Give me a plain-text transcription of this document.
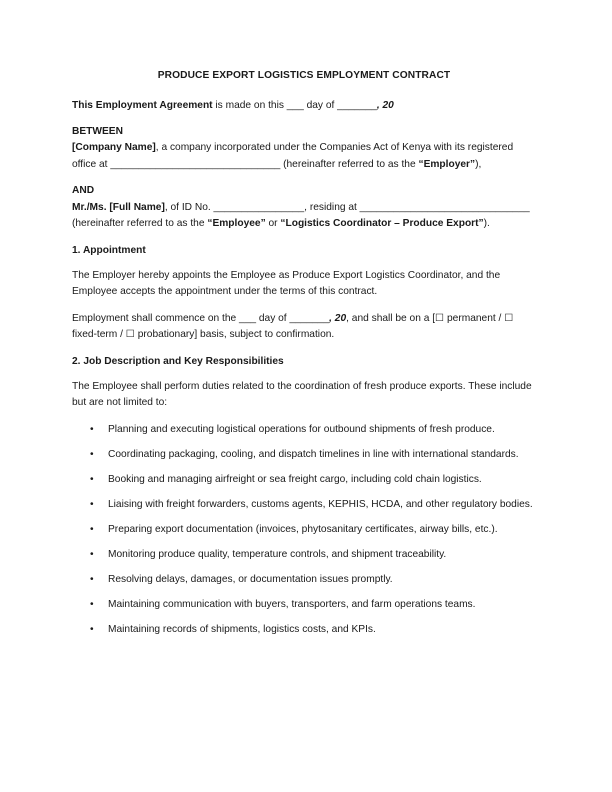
PRODUCE EXPORT LOGISTICS EMPLOYMENT CONTRACT

This Employment Agreement is made on this ___ day of _______, 20

BETWEEN

[Company Name], a company incorporated under the Companies Act of Kenya with its registered office at ______________________________ (hereinafter referred to as the “Employer”),

AND

Mr./Ms. [Full Name], of ID No. ________________, residing at ______________________________ (hereinafter referred to as the “Employee” or “Logistics Coordinator – Produce Export”).

1. Appointment

The Employer hereby appoints the Employee as Produce Export Logistics Coordinator, and the Employee accepts the appointment under the terms of this contract.

Employment shall commence on the ___ day of _______, 20, and shall be on a [☐ permanent / ☐ fixed-term / ☐ probationary] basis, subject to confirmation.

2. Job Description and Key Responsibilities

The Employee shall perform duties related to the coordination of fresh produce exports. These include but are not limited to:

• Planning and executing logistical operations for outbound shipments of fresh produce.
• Coordinating packaging, cooling, and dispatch timelines in line with international standards.
• Booking and managing airfreight or sea freight cargo, including cold chain logistics.
• Liaising with freight forwarders, customs agents, KEPHIS, HCDA, and other regulatory bodies.
• Preparing export documentation (invoices, phytosanitary certificates, airway bills, etc.).
• Monitoring produce quality, temperature controls, and shipment traceability.
• Resolving delays, damages, or documentation issues promptly.
• Maintaining communication with buyers, transporters, and farm operations teams.
• Maintaining records of shipments, logistics costs, and KPIs.
